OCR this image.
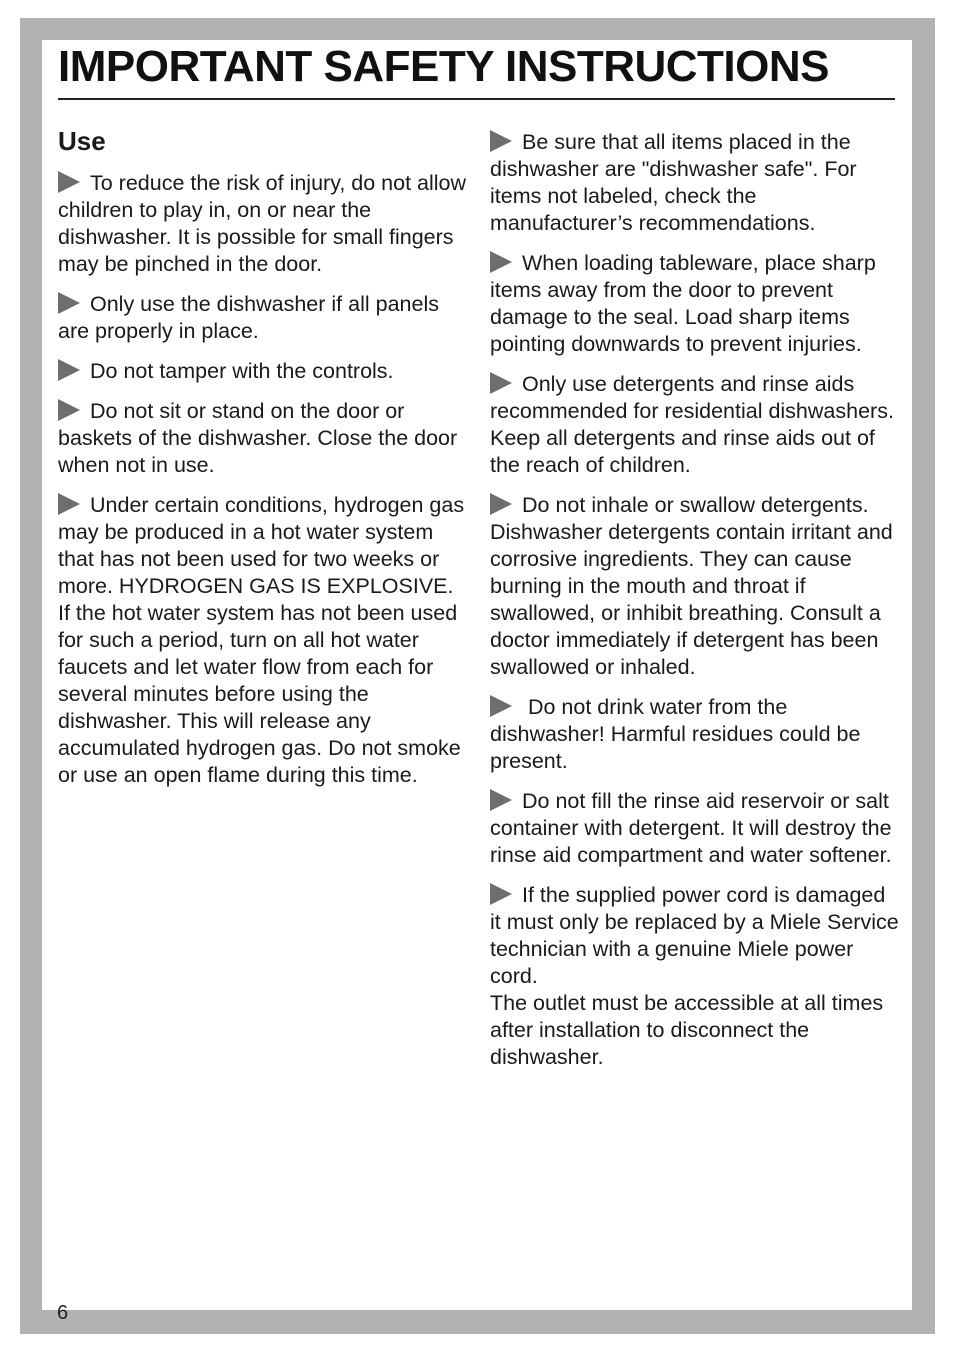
IMPORTANT SAFETY INSTRUCTIONS
Use

To reduce the risk of injury, do not allow children to play in, on or near the dishwasher. It is possible for small fingers may be pinched in the door.

Only use the dishwasher if all panels are properly in place.

Do not tamper with the controls.

Do not sit or stand on the door or baskets of the dishwasher. Close the door when not in use.

Under certain conditions, hydrogen gas may be produced in a hot water system that has not been used for two weeks or more. HYDROGEN GAS IS EXPLOSIVE. If the hot water system has not been used for such a period, turn on all hot water faucets and let water flow from each for several minutes before using the dishwasher. This will release any accumulated hydrogen gas. Do not smoke or use an open flame during this time.

Be sure that all items placed in the dishwasher are "dishwasher safe". For items not labeled, check the manufacturer’s recommendations.

When loading tableware, place sharp items away from the door to prevent damage to the seal. Load sharp items pointing downwards to prevent injuries.

Only use detergents and rinse aids recommended for residential dishwashers. Keep all detergents and rinse aids out of the reach of children.

Do not inhale or swallow detergents. Dishwasher detergents contain irritant and corrosive ingredients. They can cause burning in the mouth and throat if swallowed, or inhibit breathing. Consult a doctor immediately if detergent has been swallowed or inhaled.

Do not drink water from the dishwasher! Harmful residues could be present.

Do not fill the rinse aid reservoir or salt container with detergent. It will destroy the rinse aid compartment and water softener.

If the supplied power cord is damaged it must only be replaced by a Miele Service technician with a genuine Miele power cord.

The outlet must be accessible at all times after installation to disconnect the dishwasher.

6
